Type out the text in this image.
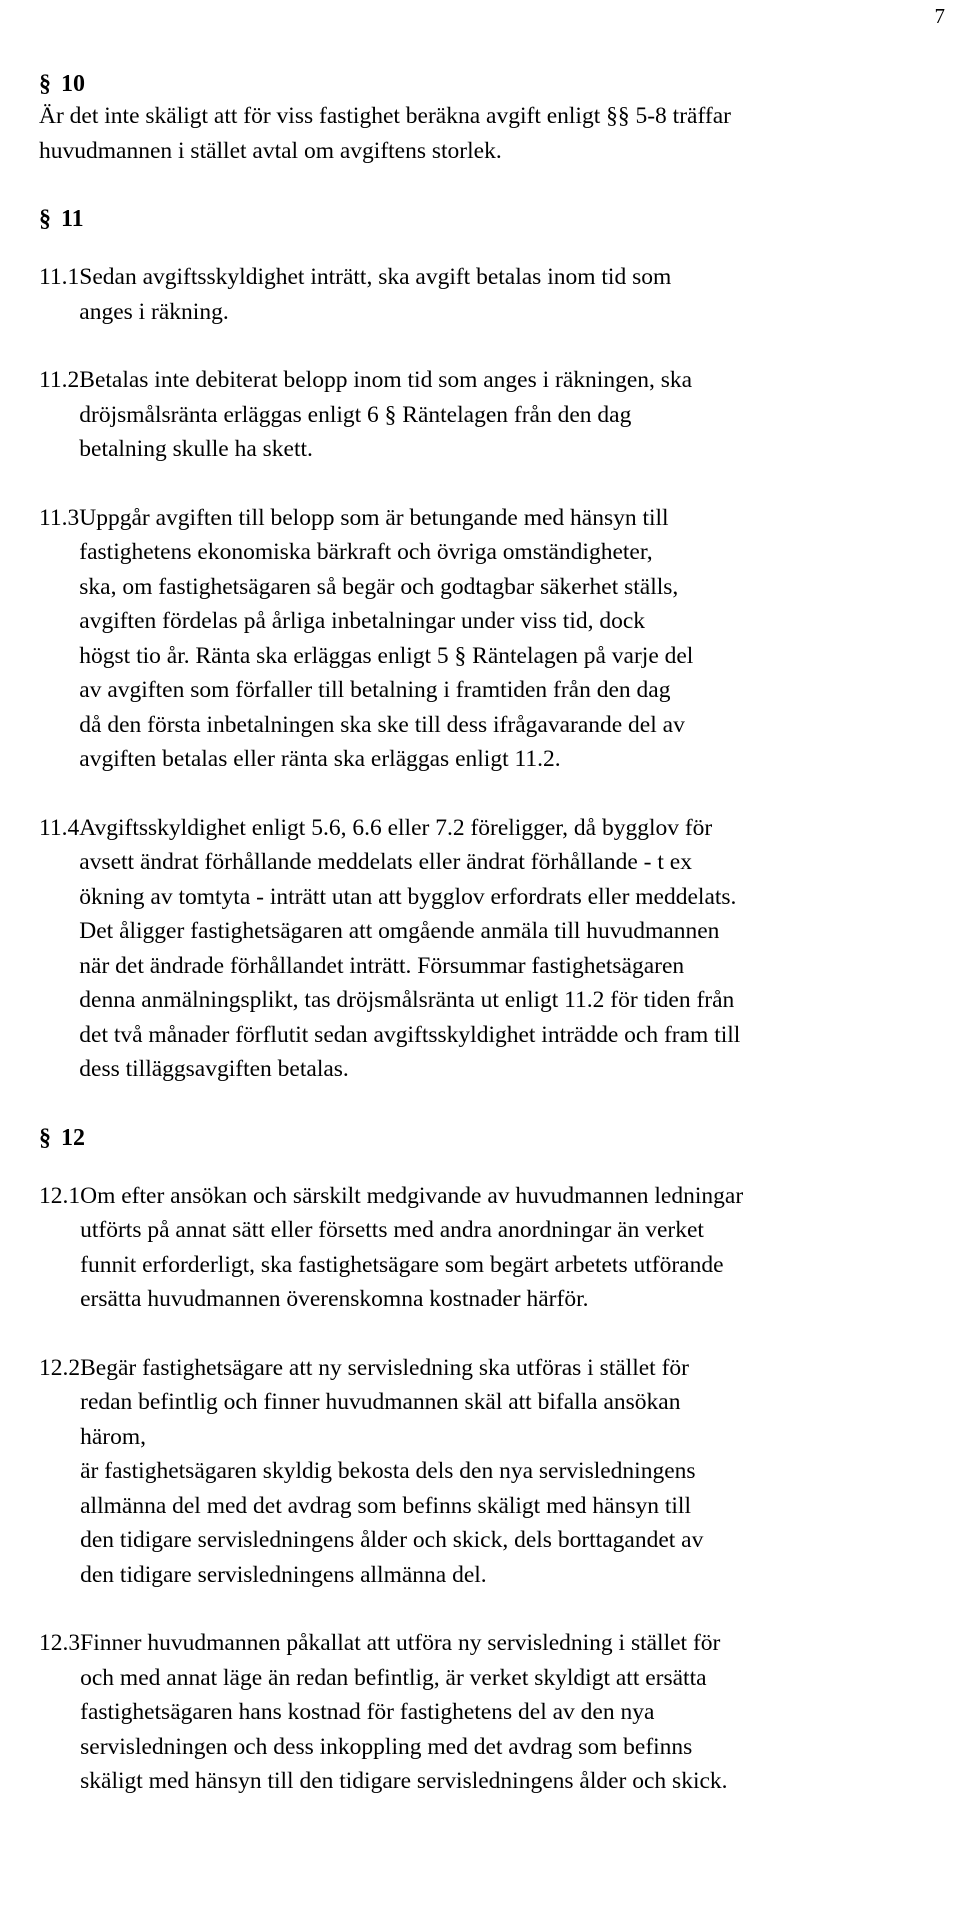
7
§ 10

Är det inte skäligt att för viss fastighet beräkna avgift enligt §§ 5-8 träffar
huvudmannen i stället avtal om avgiftens storlek.

§ 11
11.1 Sedan avgiftsskyldighet inträtt, ska avgift betalas inom tid som
anges i räkning.
11.2 Betalas inte debiterat belopp inom tid som anges i räkningen, ska
dröjsmålsränta erläggas enligt 6 § Räntelagen från den dag
betalning skulle ha skett.
11.3 Uppgår avgiften till belopp som är betungande med hänsyn till
fastighetens ekonomiska bärkraft och övriga omständigheter,
ska, om fastighetsägaren så begär och godtagbar säkerhet ställs,
avgiften fördelas på årliga inbetalningar under viss tid, dock
högst tio år. Ränta ska erläggas enligt 5 § Räntelagen på varje del
av avgiften som förfaller till betalning i framtiden från den dag
då den första inbetalningen ska ske till dess ifrågavarande del av
avgiften betalas eller ränta ska erläggas enligt 11.2.
11.4 Avgiftsskyldighet enligt 5.6, 6.6 eller 7.2 föreligger, då bygglov för
avsett ändrat förhållande meddelats eller ändrat förhållande - t ex
ökning av tomtyta - inträtt utan att bygglov erfordrats eller meddelats.
Det åligger fastighetsägaren att omgående anmäla till huvudmannen
när det ändrade förhållandet inträtt. Försummar fastighetsägaren
denna anmälningsplikt, tas dröjsmålsränta ut enligt 11.2 för tiden från
det två månader förflutit sedan avgiftsskyldighet inträdde och fram till
dess tilläggsavgiften betalas.
§ 12
12.1 Om efter ansökan och särskilt medgivande av huvudmannen ledningar
utförts på annat sätt eller försetts med andra anordningar än verket
funnit erforderligt, ska fastighetsägare som begärt arbetets utförande
ersätta huvudmannen överenskomna kostnader härför.
12.2 Begär fastighetsägare att ny servisledning ska utföras i stället för
redan befintlig och finner huvudmannen skäl att bifalla ansökan
härom,
är fastighetsägaren skyldig bekosta dels den nya servisledningens
allmänna del med det avdrag som befinns skäligt med hänsyn till
den tidigare servisledningens ålder och skick, dels borttagandet av
den tidigare servisledningens allmänna del.
12.3 Finner huvudmannen påkallat att utföra ny servisledning i stället för
och med annat läge än redan befintlig, är verket skyldigt att ersätta
fastighetsägaren hans kostnad för fastighetens del av den nya
servisledningen och dess inkoppling med det avdrag som befinns
skäligt med hänsyn till den tidigare servisledningens ålder och skick.
